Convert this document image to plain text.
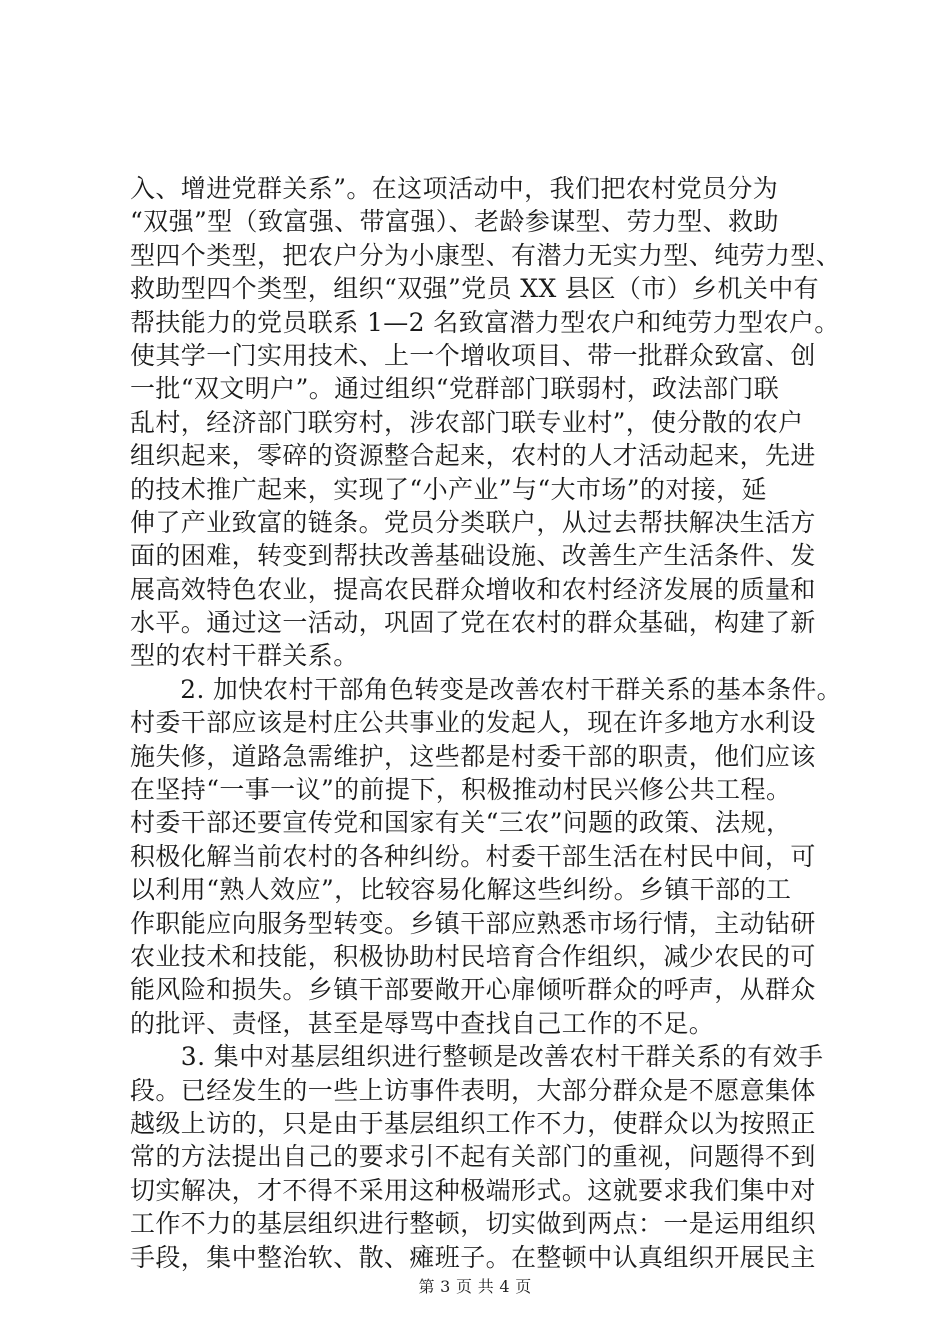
入、增进党群关系”。在这项活动中，我们把农村党员分为
“双强”型（致富强、带富强）、老龄参谋型、劳力型、救助
型四个类型，把农户分为小康型、有潜力无实力型、纯劳力型、
救助型四个类型，组织“双强”党员 XX 县区（市）乡机关中有
帮扶能力的党员联系 1—2 名致富潜力型农户和纯劳力型农户。
使其学一门实用技术、上一个增收项目、带一批群众致富、创
一批“双文明户”。通过组织“党群部门联弱村，政法部门联
乱村，经济部门联穷村，涉农部门联专业村”，使分散的农户
组织起来，零碎的资源整合起来，农村的人才活动起来，先进
的技术推广起来，实现了“小产业”与“大市场”的对接，延
伸了产业致富的链条。党员分类联户，从过去帮扶解决生活方
面的困难，转变到帮扶改善基础设施、改善生产生活条件、发
展高效特色农业，提高农民群众增收和农村经济发展的质量和
水平。通过这一活动，巩固了党在农村的群众基础，构建了新
型的农村干群关系。
　　2. 加快农村干部角色转变是改善农村干群关系的基本条件。
村委干部应该是村庄公共事业的发起人，现在许多地方水利设
施失修，道路急需维护，这些都是村委干部的职责，他们应该
在坚持“一事一议”的前提下，积极推动村民兴修公共工程。
村委干部还要宣传党和国家有关“三农”问题的政策、法规，
积极化解当前农村的各种纠纷。村委干部生活在村民中间，可
以利用“熟人效应”，比较容易化解这些纠纷。乡镇干部的工
作职能应向服务型转变。乡镇干部应熟悉市场行情，主动钻研
农业技术和技能，积极协助村民培育合作组织，减少农民的可
能风险和损失。乡镇干部要敞开心扉倾听群众的呼声，从群众
的批评、责怪，甚至是辱骂中查找自己工作的不足。
　　3. 集中对基层组织进行整顿是改善农村干群关系的有效手
段。已经发生的一些上访事件表明，大部分群众是不愿意集体
越级上访的，只是由于基层组织工作不力，使群众以为按照正
常的方法提出自己的要求引不起有关部门的重视，问题得不到
切实解决，才不得不采用这种极端形式。这就要求我们集中对
工作不力的基层组织进行整顿，切实做到两点：一是运用组织
手段，集中整治软、散、瘫班子。在整顿中认真组织开展民主
第 3 页 共 4 页
